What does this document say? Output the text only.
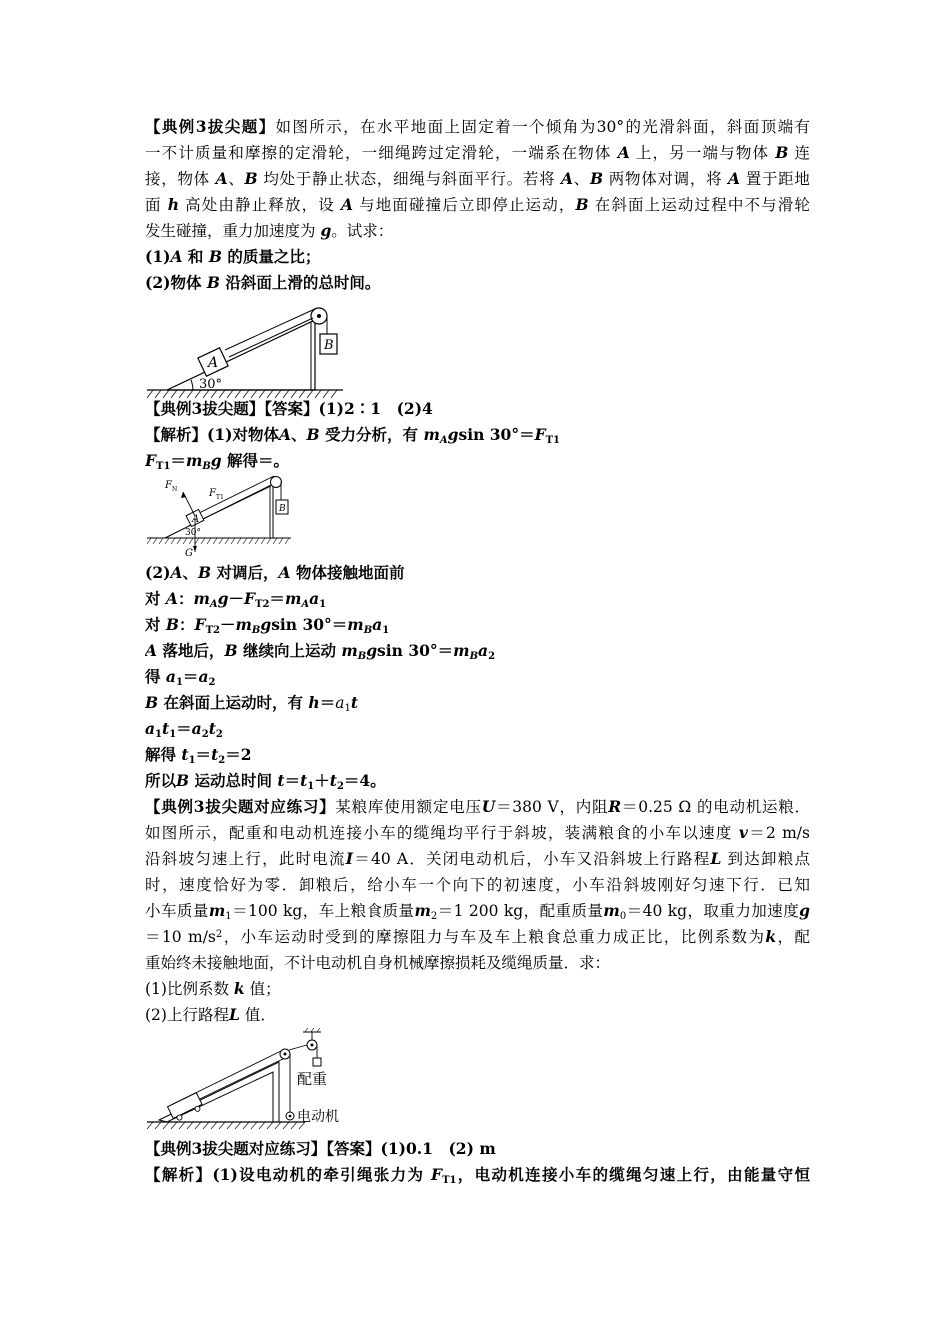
【典例3拔尖题】如图所示，在水平地面上固定着一个倾角为30°的光滑斜面，斜面顶端有
一不计质量和摩擦的定滑轮，一细绳跨过定滑轮，一端系在物体 A 上，另一端与物体 B 连
接，物体 A、B 均处于静止状态，细绳与斜面平行。若将 A、B 两物体对调，将 A 置于距地
面 h 高处由静止释放，设 A 与地面碰撞后立即停止运动，B 在斜面上运动过程中不与滑轮
发生碰撞，重力加速度为 g。试求：
(1)A 和 B 的质量之比；
(2)物体 B 沿斜面上滑的总时间。
A
B
30°
【典例3拔尖题】【答案】(1)2∶1　(2)4
【解析】(1)对物体A、B 受力分析，有 $m_Agsin$ $30^\circ=F_{T1}$
$F_{T1}=m_Bg$ 解得＝。
A
B
F N	F T1
G
30°
(2)A、B 对调后，A 物体接触地面前
对 A：$m_Ag-F_{T2}=m_Aa_1$
对 B：$F_{T2}-m_Bgsin$ $30^\circ=m_Ba_1$
A 落地后，B 继续向上运动 $m_Bgsin$ $30^\circ=m_Ba_2$
得 $a_1=a_2$
B 在斜面上运动时，有 $h=a_1t$
$a_1t_1=a_2t_2$
解得 $t_1=t_2=2$
所以B 运动总时间 $t=t_1+t_2=4$。
【典例3拔尖题对应练习】某粮库使用额定电压U＝380 V，内阻R＝0.25 Ω 的电动机运粮．
如图所示，配重和电动机连接小车的缆绳均平行于斜坡，装满粮食的小车以速度 v＝2 m/s
沿斜坡匀速上行，此时电流I＝40 A．关闭电动机后，小车又沿斜坡上行路程L 到达卸粮点
时，速度恰好为零．卸粮后，给小车一个向下的初速度，小车沿斜坡刚好匀速下行．已知
小车质量$m_1=100$ kg，车上粮食质量$m_2=1$ 200 kg，配重质量$m_0=40$ kg，取重力加速度g
＝10 $m/s^2$，小车运动时受到的摩擦阻力与车及车上粮食总重力成正比，比例系数为k，配
重始终未接触地面，不计电动机自身机械摩擦损耗及缆绳质量．求：
(1)比例系数 k 值；
(2)上行路程L 值．
配重
电动机
【典例3拔尖题对应练习】【答案】(1)0.1　(2) m
【解析】(1)设电动机的牵引绳张力为 $F_{T1}$，电动机连接小车的缆绳匀速上行，由能量守恒
